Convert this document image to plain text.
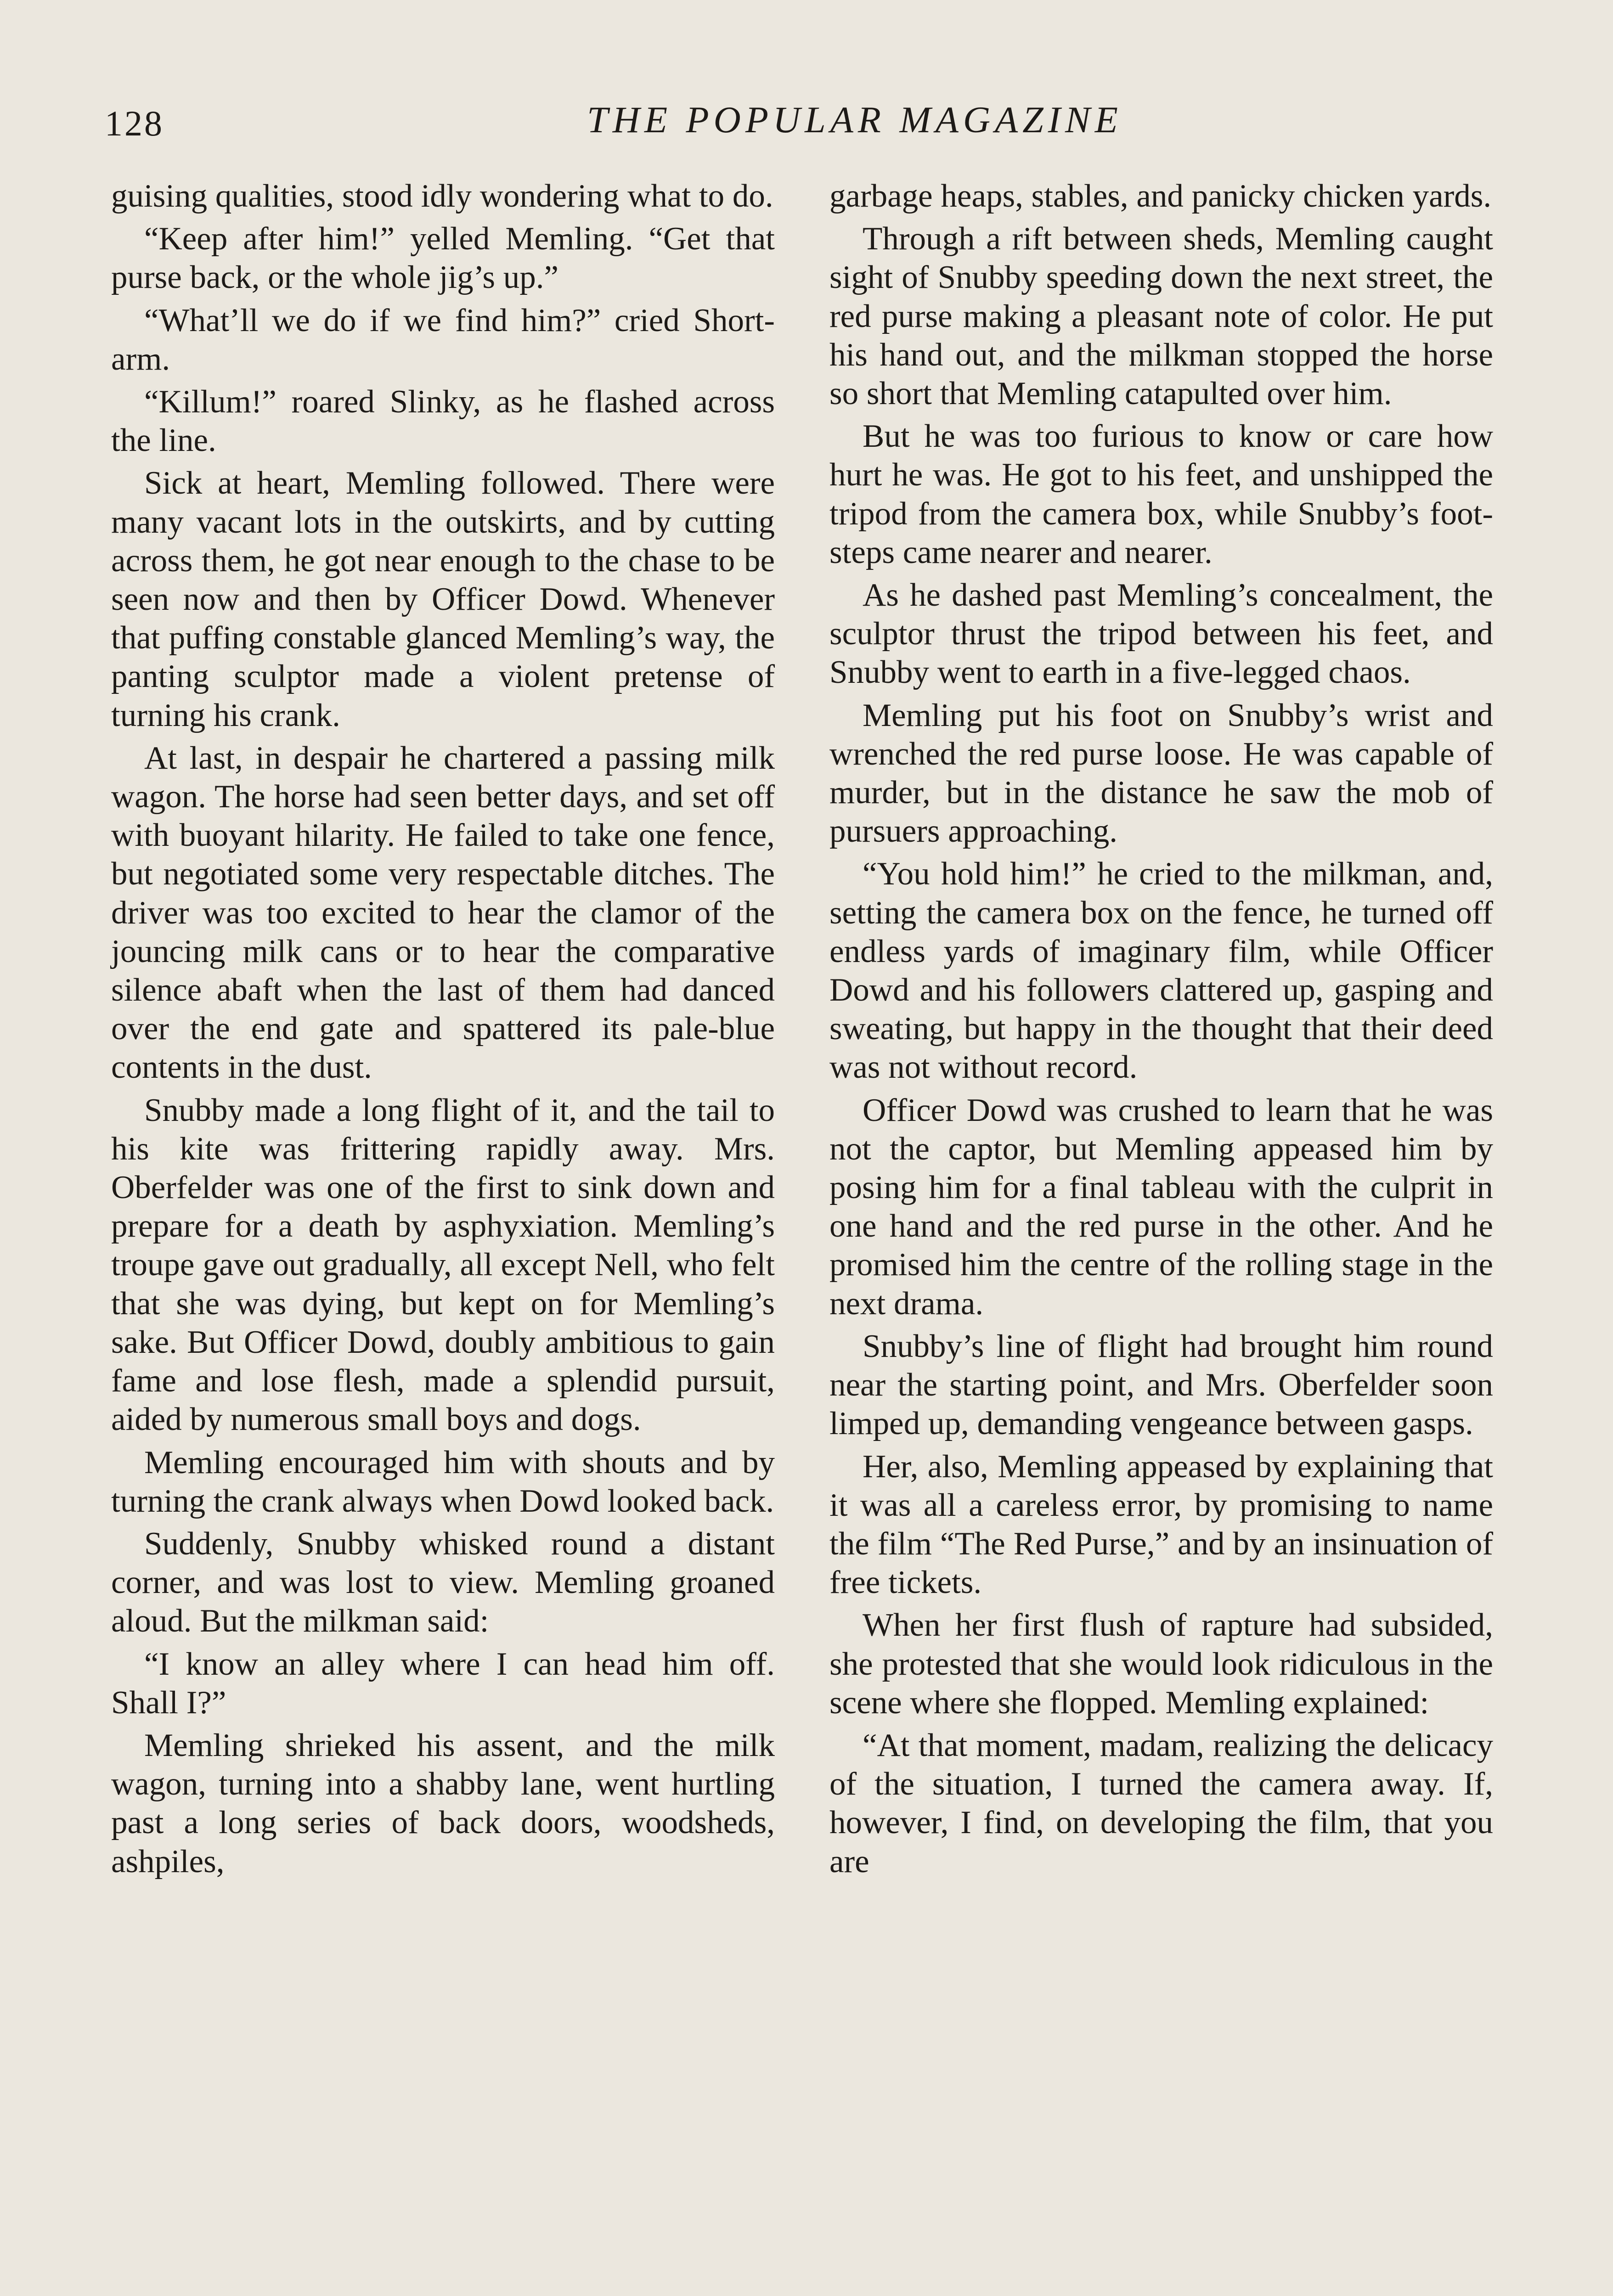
128	THE POPULAR MAGAZINE

guising qualities, stood idly wondering what to do.

“Keep after him!” yelled Memling. “Get that purse back, or the whole jig’s up.”

“What’ll we do if we find him?” cried Short-arm.

“Killum!” roared Slinky, as he flashed across the line.

Sick at heart, Memling followed. There were many vacant lots in the outskirts, and by cutting across them, he got near enough to the chase to be seen now and then by Officer Dowd. Whenever that puffing constable glanced Memling’s way, the panting sculptor made a violent pretense of turning his crank.

At last, in despair he chartered a passing milk wagon. The horse had seen better days, and set off with buoyant hilarity. He failed to take one fence, but negotiated some very respectable ditches. The driver was too excited to hear the clamor of the jouncing milk cans or to hear the comparative silence abaft when the last of them had danced over the end gate and spattered its pale-blue contents in the dust.

Snubby made a long flight of it, and the tail to his kite was frittering rapidly away. Mrs. Oberfelder was one of the first to sink down and prepare for a death by asphyxiation. Memling’s troupe gave out gradually, all except Nell, who felt that she was dying, but kept on for Memling’s sake. But Officer Dowd, doubly ambitious to gain fame and lose flesh, made a splendid pursuit, aided by numerous small boys and dogs.

Memling encouraged him with shouts and by turning the crank always when Dowd looked back.

Suddenly, Snubby whisked round a distant corner, and was lost to view. Memling groaned aloud. But the milkman said:

“I know an alley where I can head him off. Shall I?”

Memling shrieked his assent, and the milk wagon, turning into a shabby lane, went hurtling past a long series of back doors, woodsheds, ashpiles,

garbage heaps, stables, and panicky chicken yards.

Through a rift between sheds, Memling caught sight of Snubby speeding down the next street, the red purse making a pleasant note of color. He put his hand out, and the milkman stopped the horse so short that Memling catapulted over him.

But he was too furious to know or care how hurt he was. He got to his feet, and unshipped the tripod from the camera box, while Snubby’s footsteps came nearer and nearer.

As he dashed past Memling’s concealment, the sculptor thrust the tripod between his feet, and Snubby went to earth in a five-legged chaos.

Memling put his foot on Snubby’s wrist and wrenched the red purse loose. He was capable of murder, but in the distance he saw the mob of pursuers approaching.

“You hold him!” he cried to the milkman, and, setting the camera box on the fence, he turned off endless yards of imaginary film, while Officer Dowd and his followers clattered up, gasping and sweating, but happy in the thought that their deed was not without record.

Officer Dowd was crushed to learn that he was not the captor, but Memling appeased him by posing him for a final tableau with the culprit in one hand and the red purse in the other. And he promised him the centre of the rolling stage in the next drama.

Snubby’s line of flight had brought him round near the starting point, and Mrs. Oberfelder soon limped up, demanding vengeance between gasps.

Her, also, Memling appeased by explaining that it was all a careless error, by promising to name the film “The Red Purse,” and by an insinuation of free tickets.

When her first flush of rapture had subsided, she protested that she would look ridiculous in the scene where she flopped. Memling explained:

“At that moment, madam, realizing the delicacy of the situation, I turned the camera away. If, however, I find, on developing the film, that you are
